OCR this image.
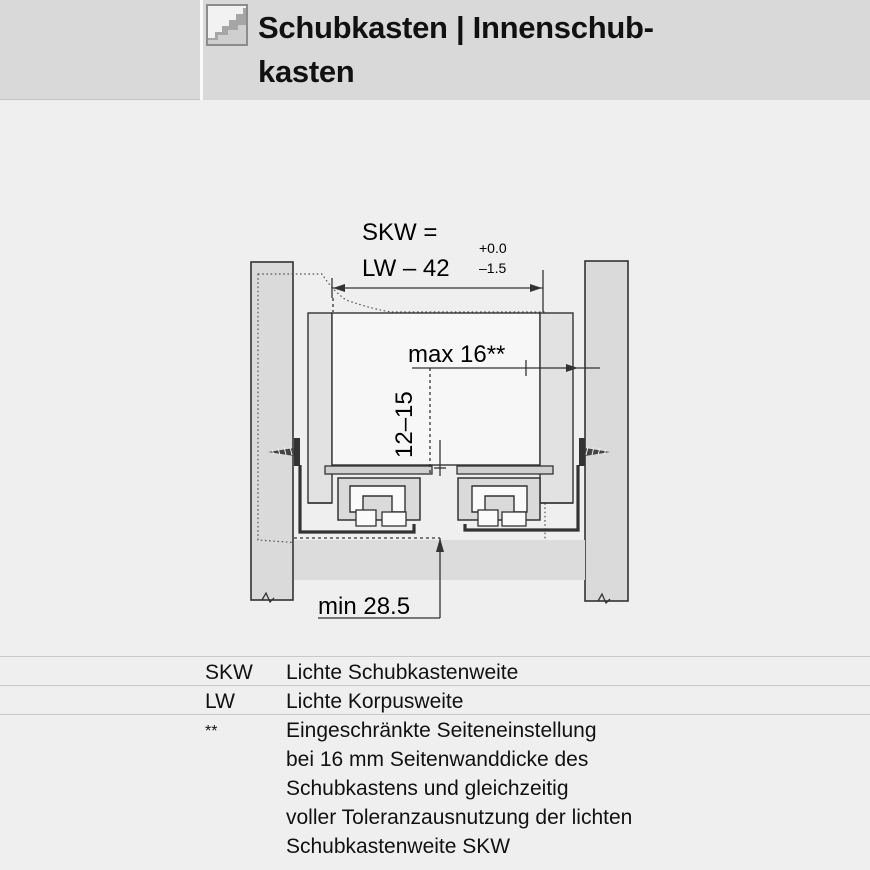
Schubkasten | Innenschub-
kasten
SKW =
LW – 42
+0.0
–1.5
max 16**
12–15
min 28.5
SKW Lichte Schubkastenweite
LW Lichte Korpusweite
**	Eingeschränkte Seiteneinstellung
bei 16 mm Seitenwanddicke des
Schubkastens und gleichzeitig
voller Toleranzausnutzung der lichten
Schubkastenweite SKW
